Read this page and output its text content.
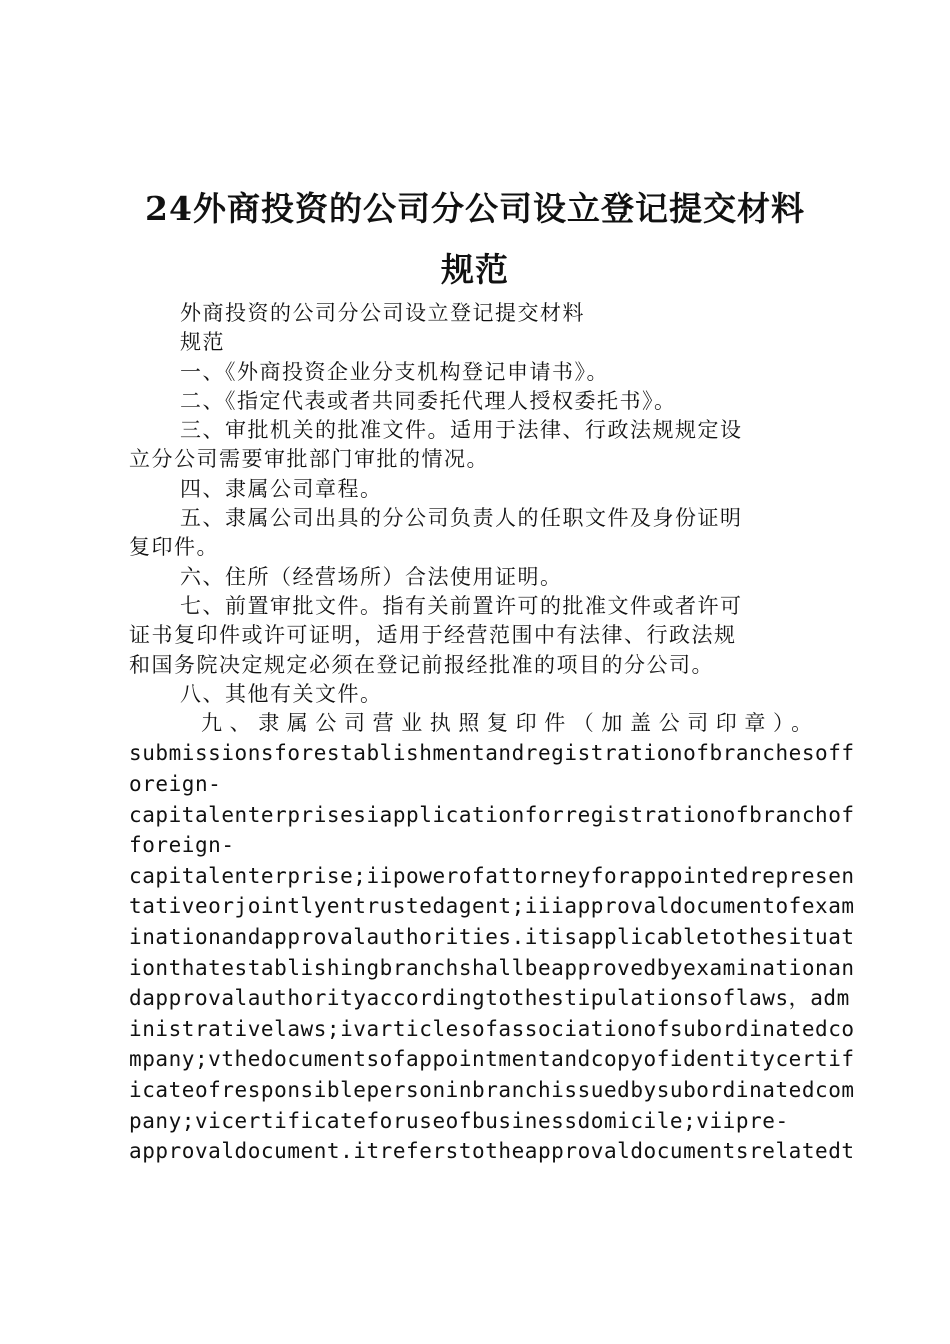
24外商投资的公司分公司设立登记提交材料
规范

外商投资的公司分公司设立登记提交材料

规范

一、《外商投资企业分支机构登记申请书》。

二、《指定代表或者共同委托代理人授权委托书》。

三、审批机关的批准文件。适用于法律、行政法规规定设

立分公司需要审批部门审批的情况。

四、隶属公司章程。

五、隶属公司出具的分公司负责人的任职文件及身份证明

复印件。

六、住所（经营场所）合法使用证明。

七、前置审批文件。指有关前置许可的批准文件或者许可

证书复印件或许可证明，适用于经营范围中有法律、行政法规

和国务院决定规定必须在登记前报经批准的项目的分公司。

八、其他有关文件。

九、隶属公司营业执照复印件（加盖公司印章）。

submissionsforestablishmentandregistrationofbranchesoff

oreign-

capitalenterprisesiapplicationforregistrationofbranchof

foreign-

capitalenterprise;iipowerofattorneyforappointedrepresen

tativeorjointlyentrustedagent;iiiapprovaldocumentofexam

inationandapprovalauthorities.itisapplicabletothesituat

ionthatestablishingbranchshallbeapprovedbyexaminationan

dapprovalauthorityaccordingtothestipulationsoflaws，adm

inistrativelaws;ivarticlesofassociationofsubordinatedco

mpany;vthedocumentsofappointmentandcopyofidentitycertif

icateofresponsiblepersoninbranchissuedbysubordinatedcom

pany;vicertificateforuseofbusinessdomicile;viipre-

approvaldocument.itreferstotheapprovaldocumentsrelatedt
